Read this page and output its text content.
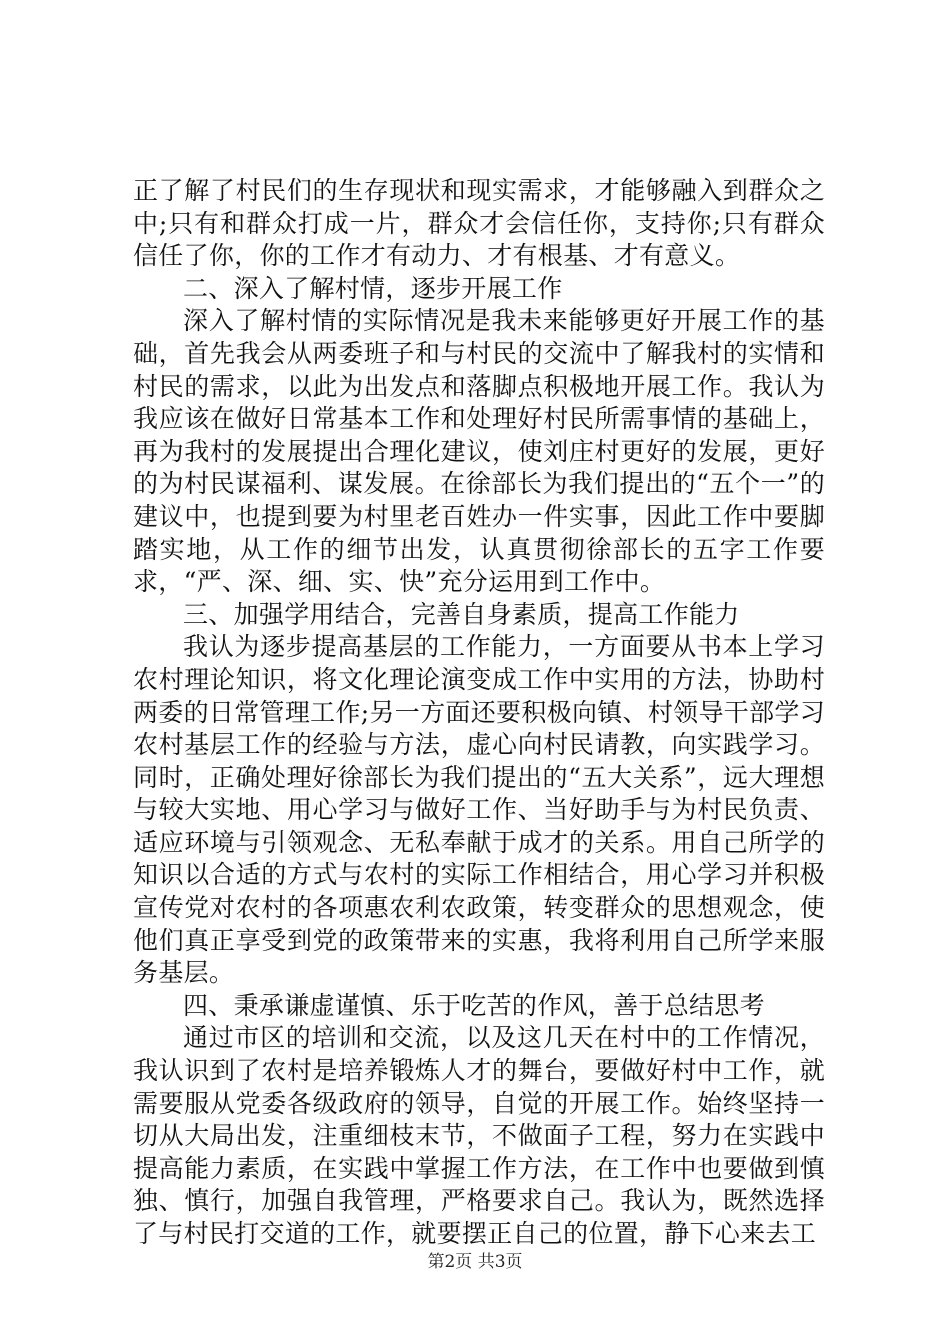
正了解了村民们的生存现状和现实需求，才能够融入到群众之中;只有和群众打成一片，群众才会信任你，支持你;只有群众信任了你，你的工作才有动力、才有根基、才有意义。

二、深入了解村情，逐步开展工作

深入了解村情的实际情况是我未来能够更好开展工作的基础，首先我会从两委班子和与村民的交流中了解我村的实情和村民的需求，以此为出发点和落脚点积极地开展工作。我认为我应该在做好日常基本工作和处理好村民所需事情的基础上，再为我村的发展提出合理化建议，使刘庄村更好的发展，更好的为村民谋福利、谋发展。在徐部长为我们提出的“五个一”的建议中，也提到要为村里老百姓办一件实事，因此工作中要脚踏实地，从工作的细节出发，认真贯彻徐部长的五字工作要求，“严、深、细、实、快”充分运用到工作中。

三、加强学用结合，完善自身素质，提高工作能力

我认为逐步提高基层的工作能力，一方面要从书本上学习农村理论知识，将文化理论演变成工作中实用的方法，协助村两委的日常管理工作;另一方面还要积极向镇、村领导干部学习农村基层工作的经验与方法，虚心向村民请教，向实践学习。同时，正确处理好徐部长为我们提出的“五大关系”，远大理想与较大实地、用心学习与做好工作、当好助手与为村民负责、适应环境与引领观念、无私奉献于成才的关系。用自己所学的知识以合适的方式与农村的实际工作相结合，用心学习并积极宣传党对农村的各项惠农利农政策，转变群众的思想观念，使他们真正享受到党的政策带来的实惠，我将利用自己所学来服务基层。

四、秉承谦虚谨慎、乐于吃苦的作风，善于总结思考

通过市区的培训和交流，以及这几天在村中的工作情况，我认识到了农村是培养锻炼人才的舞台，要做好村中工作，就需要服从党委各级政府的领导，自觉的开展工作。始终坚持一切从大局出发，注重细枝末节，不做面子工程，努力在实践中提高能力素质，在实践中掌握工作方法，在工作中也要做到慎独、慎行，加强自我管理，严格要求自己。我认为，既然选择了与村民打交道的工作，就要摆正自己的位置，静下心来去工

第2页 共3页
